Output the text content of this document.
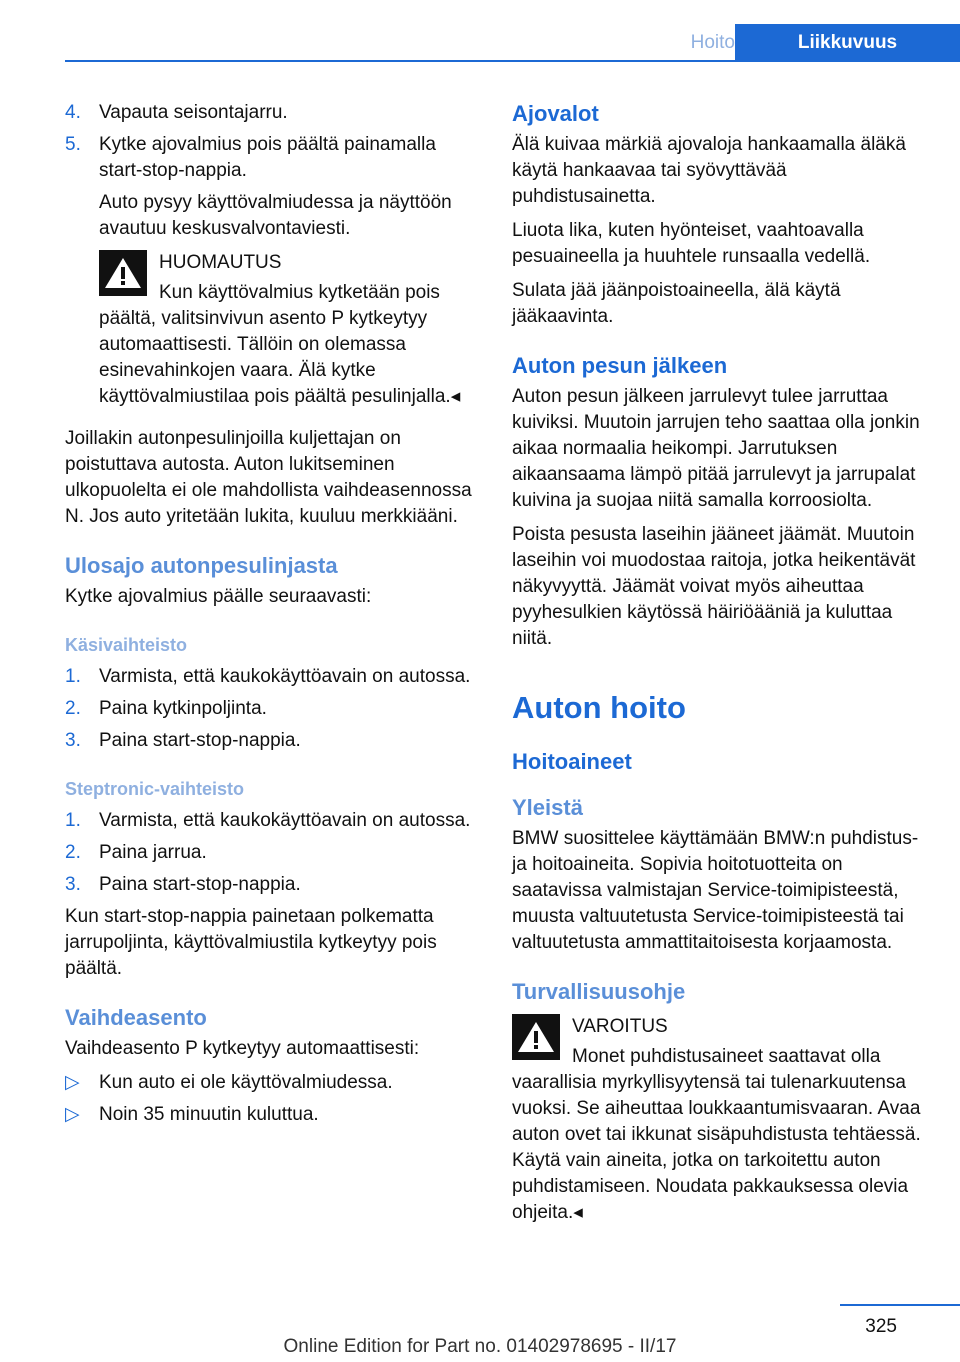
Hoito	Liikkuvuus
4. Vapauta seisontajarru.

5. Kytke ajovalmius pois päältä painamalla start-stop-nappia.

Auto pysyy käyttövalmiudessa ja näyttöön avautuu keskusvalvontaviesti.

HUOMAUTUS

Kun käyttövalmius kytketään pois päältä, valitsinvivun asento P kytkeytyy automaattisesti. Tällöin on olemassa esinevahinkojen vaara. Älä kytke käyttövalmiustilaa pois päältä pesulinjalla.◂

Joillakin autonpesulinjoilla kuljettajan on poistuttava autosta. Auton lukitseminen ulkopuolelta ei ole mahdollista vaihdeasennossa N. Jos auto yritetään lukita, kuuluu merkkiääni.

Ulosajo autonpesulinjasta

Kytke ajovalmius päälle seuraavasti:

Käsivaihteisto
1. Varmista, että kaukokäyttöavain on autossa.

2. Paina kytkinpoljinta.

3. Paina start-stop-nappia.

Steptronic-vaihteisto
1. Varmista, että kaukokäyttöavain on autossa.

2. Paina jarrua.

3. Paina start-stop-nappia.

Kun start-stop-nappia painetaan polkematta jarrupoljinta, käyttövalmiustila kytkeytyy pois päältä.

Vaihdeasento

Vaihdeasento P kytkeytyy automaattisesti:

▷ Kun auto ei ole käyttövalmiudessa.

▷ Noin 35 minuutin kuluttua.

Ajovalot

Älä kuivaa märkiä ajovaloja hankaamalla äläkä käytä hankaavaa tai syövyttävää puhdistusainetta.

Liuota lika, kuten hyönteiset, vaahtoavalla pesuaineella ja huuhtele runsaalla vedellä.

Sulata jää jäänpoistoaineella, älä käytä jääkaavinta.

Auton pesun jälkeen

Auton pesun jälkeen jarrulevyt tulee jarruttaa kuiviksi. Muutoin jarrujen teho saattaa olla jonkin aikaa normaalia heikompi. Jarrutuksen aikaansaama lämpö pitää jarrulevyt ja jarrupalat kuivina ja suojaa niitä samalla korroosiolta.

Poista pesusta laseihin jääneet jäämät. Muutoin laseihin voi muodostaa raitoja, jotka heikentävät näkyvyyttä. Jäämät voivat myös aiheuttaa pyyhesulkien käytössä häiriöääniä ja kuluttaa niitä.

Auton hoito
Hoitoaineet
Yleistä

BMW suosittelee käyttämään BMW:n puhdistus- ja hoitoaineita. Sopivia hoitotuotteita on saatavissa valmistajan Service-toimipisteestä, muusta valtuutetusta Service-toimipisteestä tai valtuutetusta ammattitaitoisesta korjaamosta.

Turvallisuusohje

VAROITUS

Monet puhdistusaineet saattavat olla vaarallisia myrkyllisyytensä tai tulenarkuutensa vuoksi. Se aiheuttaa loukkaantumisvaaran. Avaa auton ovet tai ikkunat sisäpuhdistusta tehtäessä. Käytä vain aineita, jotka on tarkoitettu auton puhdistamiseen. Noudata pakkauksessa olevia ohjeita.◂

325
Online Edition for Part no. 01402978695 - II/17
